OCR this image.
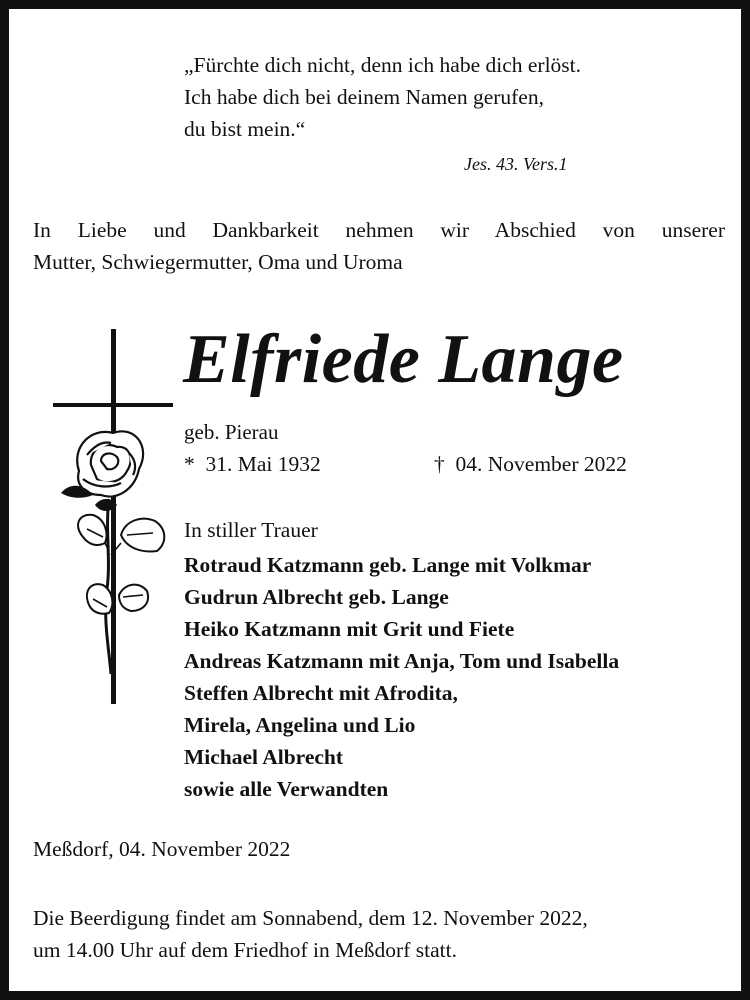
„Fürchte dich nicht, denn ich habe dich erlöst.
Ich habe dich bei deinem Namen gerufen,
du bist mein.“
Jes. 43. Vers.1
In Liebe und Dankbarkeit nehmen wir Abschied von unserer
Mutter, Schwiegermutter, Oma und Uroma
Elfriede Lange
geb. Pierau
*  31. Mai 1932	†  04. November 2022
In stiller Trauer
Rotraud Katzmann geb. Lange mit Volkmar
Gudrun Albrecht geb. Lange
Heiko Katzmann mit Grit und Fiete
Andreas Katzmann mit Anja, Tom und Isabella
Steffen Albrecht mit Afrodita,
Mirela, Angelina und Lio
Michael Albrecht
sowie alle Verwandten
Meßdorf, 04. November 2022
Die Beerdigung findet am Sonnabend, dem 12. November 2022,
um 14.00 Uhr auf dem Friedhof in Meßdorf statt.
